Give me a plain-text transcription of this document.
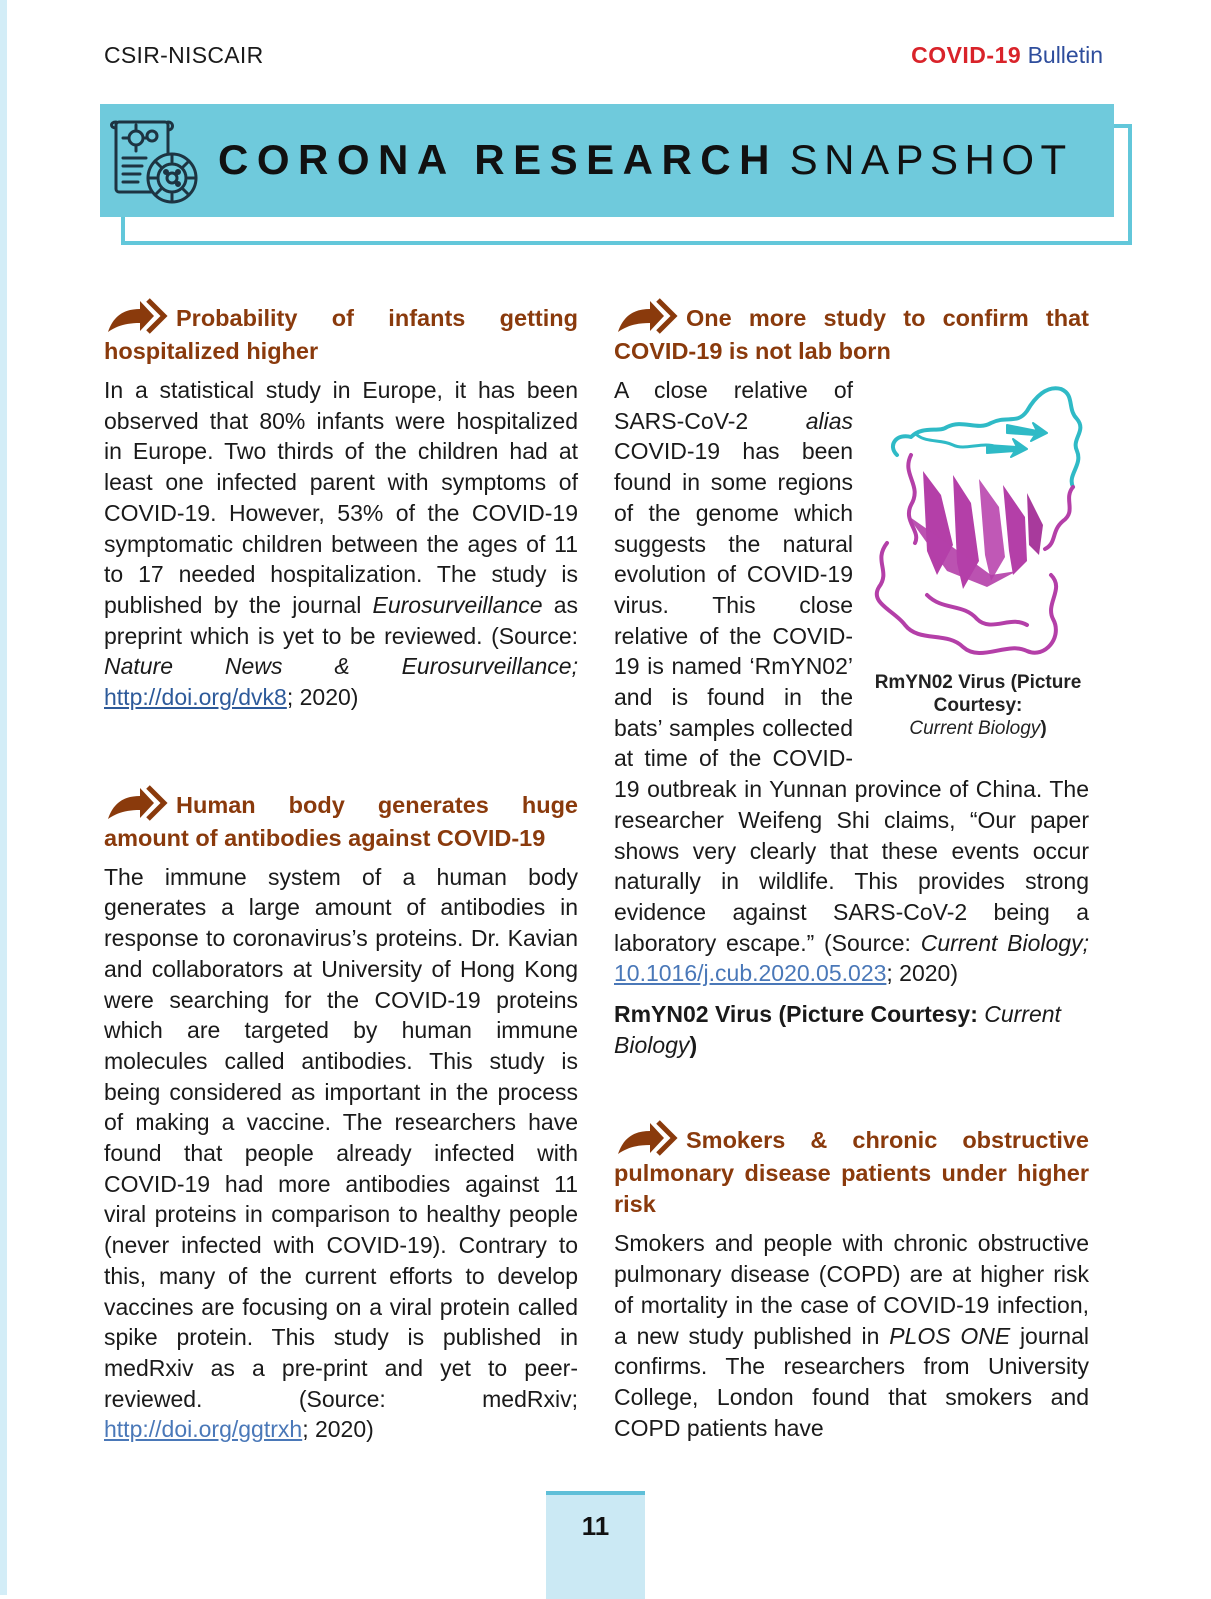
CSIR-NISCAIR	COVID-19 Bulletin
CORONA RESEARCH SNAPSHOT
Probability of infants getting hospitalized higher

In a statistical study in Europe, it has been observed that 80% infants were hospitalized in Europe. Two thirds of the children had at least one infected parent with symptoms of COVID-19. However, 53% of the COVID-19 symptomatic children between the ages of 11 to 17 needed hospitalization. The study is published by the journal Eurosurveillance as preprint which is yet to be reviewed. (Source: Nature News & Eurosurveillance; http://doi.org/dvk8; 2020)

Human body generates huge amount of antibodies against COVID-19

The immune system of a human body generates a large amount of antibodies in response to coronavirus’s proteins. Dr. Kavian and collaborators at University of Hong Kong were searching for the COVID-19 proteins which are targeted by human immune molecules called antibodies. This study is being considered as important in the process of making a vaccine. The researchers have found that people already infected with COVID-19 had more antibodies against 11 viral proteins in comparison to healthy people (never infected with COVID-19). Contrary to this, many of the current efforts to develop vaccines are focusing on a viral protein called spike protein. This study is published in medRxiv as a pre-print and yet to peer-reviewed. (Source: medRxiv; http://doi.org/ggtrxh; 2020)

One more study to confirm that COVID-19 is not lab born
RmYN02 Virus (Picture Courtesy:
Current Biology)
A close relative of SARS-CoV-2 alias COVID-19 has been found in some regions of the genome which suggests the natural evolution of COVID-19 virus. This close relative of the COVID-19 is named ‘RmYN02’ and is found in the bats’ samples collected at time of the COVID-19 outbreak in Yunnan province of China. The researcher Weifeng Shi claims, “Our paper shows very clearly that these events occur naturally in wildlife. This provides strong evidence against SARS-CoV-2 being a laboratory escape.” (Source: Current Biology; 10.1016/j.cub.2020.05.023; 2020)

RmYN02 Virus (Picture Courtesy: Current Biology)

Smokers & chronic obstructive pulmonary disease patients under higher risk

Smokers and people with chronic obstructive pulmonary disease (COPD) are at higher risk of mortality in the case of COVID-19 infection, a new study published in PLOS ONE journal confirms. The researchers from University College, London found that smokers and COPD patients have

11
